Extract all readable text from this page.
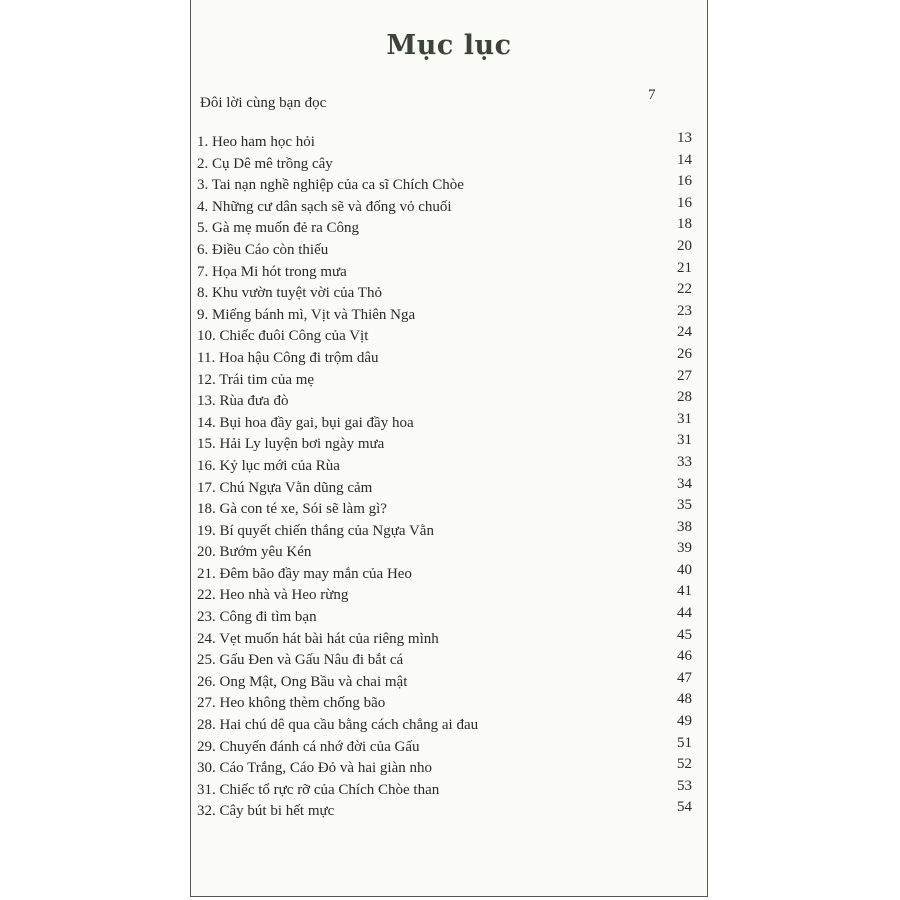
Mục lục
Đôi lời cùng bạn đọc	7
1. Heo ham học hỏi	13
2. Cụ Dê mê trồng cây	14
3. Tai nạn nghề nghiệp của ca sĩ Chích Chòe	16
4. Những cư dân sạch sẽ và đống vỏ chuối	16
5. Gà mẹ muốn đẻ ra Công	18
6. Điều Cáo còn thiếu	20
7. Họa Mi hót trong mưa	21
8. Khu vườn tuyệt vời của Thỏ	22
9. Miếng bánh mì, Vịt và Thiên Nga	23
10. Chiếc đuôi Công của Vịt	24
11. Hoa hậu Công đi trộm dâu	26
12. Trái tim của mẹ	27
13. Rùa đưa đò	28
14. Bụi hoa đầy gai, bụi gai đầy hoa	31
15. Hải Ly luyện bơi ngày mưa	31
16. Kỷ lục mới của Rùa	33
17. Chú Ngựa Vằn dũng cảm	34
18. Gà con té xe, Sói sẽ làm gì?	35
19. Bí quyết chiến thắng của Ngựa Vằn	38
20. Bướm yêu Kén	39
21. Đêm bão đầy may mắn của Heo	40
22. Heo nhà và Heo rừng	41
23. Công đi tìm bạn	44
24. Vẹt muốn hát bài hát của riêng mình	45
25. Gấu Đen và Gấu Nâu đi bắt cá	46
26. Ong Mật, Ong Bầu và chai mật	47
27. Heo không thèm chống bão	48
28. Hai chú dê qua cầu bằng cách chẳng ai đau	49
29. Chuyến đánh cá nhớ đời của Gấu	51
30. Cáo Trắng, Cáo Đỏ và hai giàn nho	52
31. Chiếc tổ rực rỡ của Chích Chòe than	53
32. Cây bút bi hết mực	54
